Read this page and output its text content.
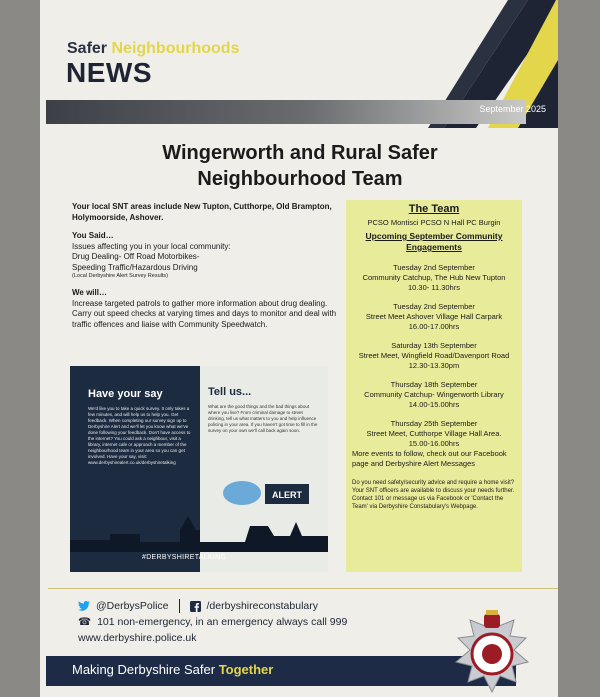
Safer Neighbourhoods
NEWS
September 2025
Wingerworth and Rural Safer
Neighbourhood Team

Your local SNT areas include New Tupton, Cutthorpe, Old Brampton, Holymoorside, Ashover.

You Said…
Issues affecting you in your local community:
Drug Dealing- Off Road Motorbikes-
Speeding Traffic/Hazardous Driving

(Local Derbyshire Alert Survey Results)

We will…
Increase targeted patrols to gather more information about drug dealing.
Carry out speed checks at varying times and days to monitor and deal with traffic offences and liaise with Community Speedwatch.
Have your say
We'd like you to take a quick survey. It only takes a few minutes, and will help us to help you. Get feedback. When completing our survey sign up to Derbyshire Alert and we'll let you know what we've done following your feedback. Don't have access to the internet? You could ask a neighbour, visit a library, internet cafe or approach a member of the neighbourhood team in your area so you can get involved. Have your say, visit: www.derbyshirealert.co.uk/derbyshiretalking
Tell us...
What are the good things and the bad things about where you live? From criminal damage to street drinking, tell us what matters to you and help influence policing in your area. If you haven't got time to fill in the survey on your own we'll call back again soon.
ALERT
#DERBYSHIRETALKING
The Team
PCSO Montisci PCSO N Hall PC Burgin
Upcoming September Community Engagements
Tuesday 2nd September
Community Catchup, The Hub New Tupton
10.30- 11.30hrs
Tuesday 2nd September
Street Meet Ashover Village Hall Carpark
16.00-17.00hrs
Saturday 13th September
Street Meet, Wingfield Road/Davenport Road
12.30-13.30pm
Thursday 18th September
Community Catchup- Wingerworth Library
14.00-15.00hrs
Thursday 25th September
Street Meet, Cutthorpe Village Hall Area.
15.00-16.00hrs
More events to follow, check out our Facebook page and Derbyshire Alert Messages
Do you need safety/security advice and require a home visit? Your SNT officers are available to discuss your needs further. Contact 101 or message us via Facebook or 'Contact the Team' via Derbyshire Constabulary's Webpage.
@DerbysPolice	/derbyshireconstabulary
☎ 101 non-emergency, in an emergency always call 999
www.derbyshire.police.uk
Making Derbyshire Safer Together
